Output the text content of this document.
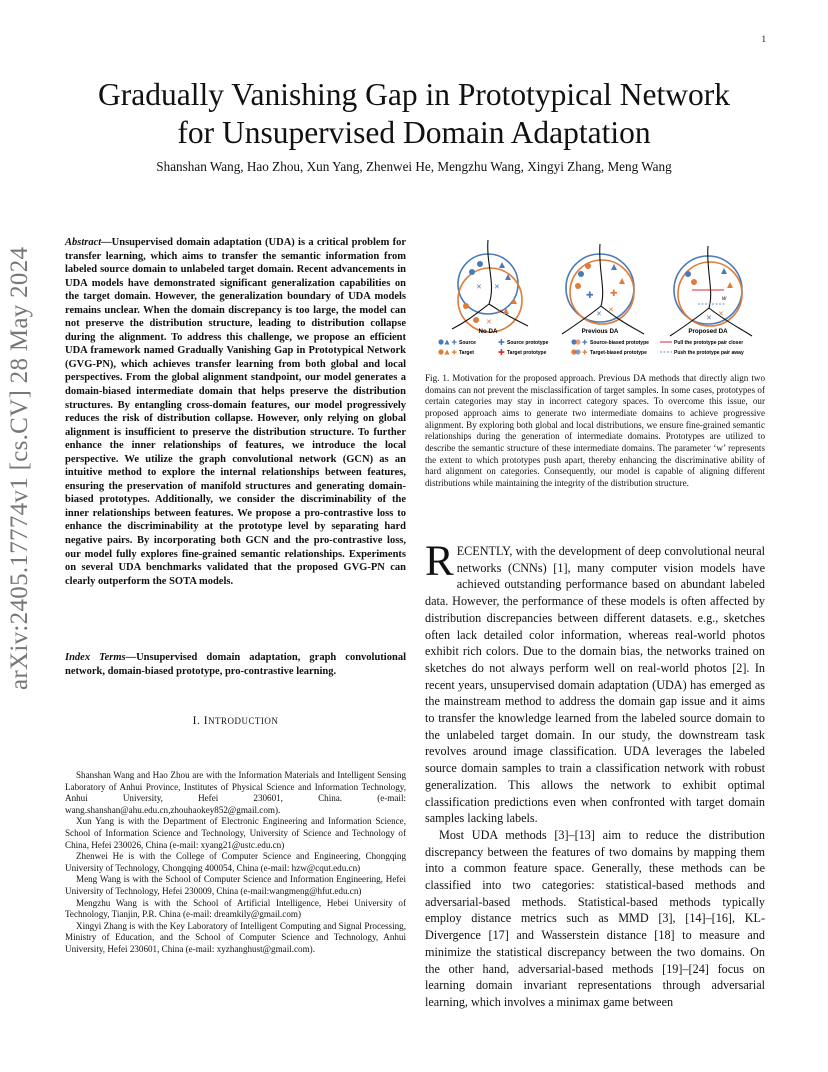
1
arXiv:2405.17774v1 [cs.CV] 28 May 2024
Gradually Vanishing Gap in Prototypical Network
for Unsupervised Domain Adaptation
Shanshan Wang, Hao Zhou, Xun Yang, Zhenwei He, Mengzhu Wang, Xingyi Zhang, Meng Wang
Abstract—Unsupervised domain adaptation (UDA) is a critical problem for transfer learning, which aims to transfer the semantic information from labeled source domain to unlabeled target domain. Recent advancements in UDA models have demonstrated significant generalization capabilities on the target domain. However, the generalization boundary of UDA models remains unclear. When the domain discrepancy is too large, the model can not preserve the distribution structure, leading to distribution collapse during the alignment. To address this challenge, we propose an efficient UDA framework named Gradually Vanishing Gap in Prototypical Network (GVG-PN), which achieves transfer learning from both global and local perspectives. From the global alignment standpoint, our model generates a domain-biased intermediate domain that helps preserve the distribution structures. By entangling cross-domain features, our model progressively reduces the risk of distribution collapse. However, only relying on global alignment is insufficient to preserve the distribution structure. To further enhance the inner relationships of features, we introduce the local perspective. We utilize the graph convolutional network (GCN) as an intuitive method to explore the internal relationships between features, ensuring the preservation of manifold structures and generating domain-biased prototypes. Additionally, we consider the discriminability of the inner relationships between features. We propose a pro-contrastive loss to enhance the discriminability at the prototype level by separating hard negative pairs. By incorporating both GCN and the pro-contrastive loss, our model fully explores fine-grained semantic relationships. Experiments on several UDA benchmarks validated that the proposed GVG-PN can clearly outperform the SOTA models.
Index Terms—Unsupervised domain adaptation, graph convolutional network, domain-biased prototype, pro-contrastive learning.
I. INTRODUCTION

Shanshan Wang and Hao Zhou are with the Information Materials and Intelligent Sensing Laboratory of Anhui Province, Institutes of Physical Science and Information Technology, Anhui University, Hefei 230601, China. (e-mail: wang.shanshan@ahu.edu.cn,zhouhaokey852@gmail.com).

Xun Yang is with the Department of Electronic Engineering and Information Science, School of Information Science and Technology, University of Science and Technology of China, Hefei 230026, China (e-mail: xyang21@ustc.edu.cn)

Zhenwei He is with the College of Computer Science and Engineering, Chongqing University of Technology, Chongqing 400054, China (e-mail: hzw@cqut.edu.cn)

Meng Wang is with the School of Computer Science and Information Engineering, Hefei University of Technology, Hefei 230009, China (e-mail:wangmeng@hfut.edu.cn)

Mengzhu Wang is with the School of Artificial Intelligence, Hebei University of Technology, Tianjin, P.R. China (e-mail: dreamkily@gmail.com)

Xingyi Zhang is with the Key Laboratory of Intelligent Computing and Signal Processing, Ministry of Education, and the School of Computer Science and Technology, Anhui University, Hefei 230601, China (e-mail: xyzhanghust@gmail.com).

✕
✕
✕
✕	✕
✕
✚ ✚
✕
✕
w
No DA	Previous DA	Proposed DA
✚ Source	✚ Source prototype	✚ Source-biased prototype	Pull the prototype pair closer
✚ Target	✚ Target prototype	✚ Target-biased prototype	Push the prototype pair away
Fig. 1. Motivation for the proposed approach. Previous DA methods that directly align two domains can not prevent the misclassification of target samples. In some cases, prototypes of certain categories may stay in incorrect category spaces. To overcome this issue, our proposed approach aims to generate two intermediate domains to achieve progressive alignment. By exploring both global and local distributions, we ensure fine-grained semantic relationships during the generation of intermediate domains. Prototypes are utilized to describe the semantic structure of these intermediate domains. The parameter ‘w’ represents the extent to which prototypes push apart, thereby enhancing the discriminative ability of hard alignment on categories. Consequently, our model is capable of aligning different distributions while maintaining the integrity of the distribution structure.

RECENTLY, with the development of deep convolutional neural networks (CNNs) [1], many computer vision models have achieved outstanding performance based on abundant labeled data. However, the performance of these models is often affected by distribution discrepancies between different datasets. e.g., sketches often lack detailed color information, whereas real-world photos exhibit rich colors. Due to the domain bias, the networks trained on sketches do not always perform well on real-world photos [2]. In recent years, unsupervised domain adaptation (UDA) has emerged as the mainstream method to address the domain gap issue and it aims to transfer the knowledge learned from the labeled source domain to the unlabeled target domain. In our study, the downstream task revolves around image classification. UDA leverages the labeled source domain samples to train a classification network with robust generalization. This allows the network to exhibit optimal classification predictions even when confronted with target domain samples lacking labels.

Most UDA methods [3]–[13] aim to reduce the distribution discrepancy between the features of two domains by mapping them into a common feature space. Generally, these methods can be classified into two categories: statistical-based methods and adversarial-based methods. Statistical-based methods typically employ distance metrics such as MMD [3], [14]–[16], KL-Divergence [17] and Wasserstein distance [18] to measure and minimize the statistical discrepancy between the two domains. On the other hand, adversarial-based methods [19]–[24] focus on learning domain invariant representations through adversarial learning, which involves a minimax game between
